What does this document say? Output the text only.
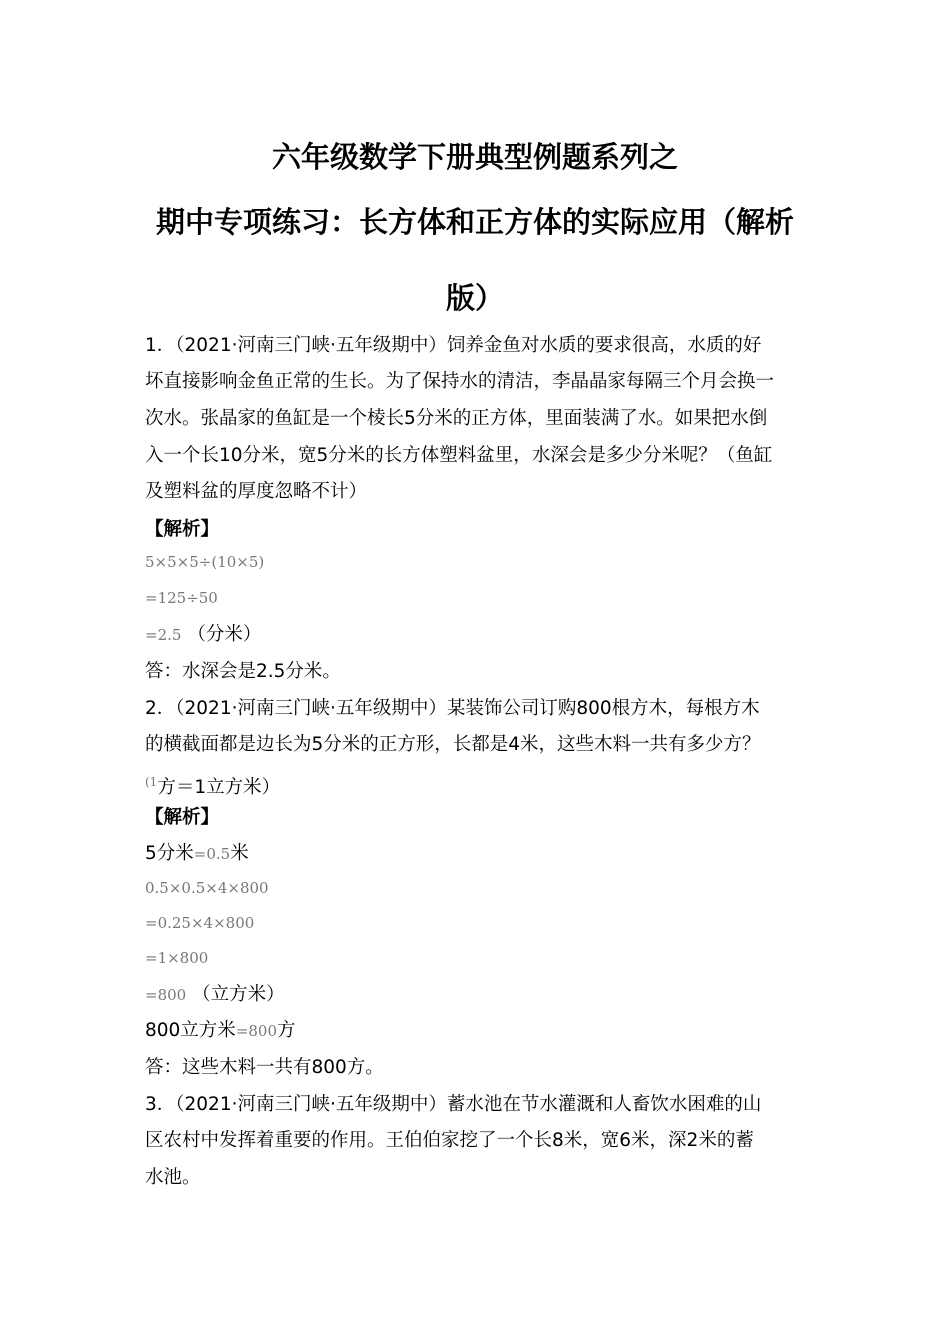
六年级数学下册典型例题系列之
期中专项练习：长方体和正方体的实际应用（解析
版）
1．（2021·河南三门峡·五年级期中）饲养金鱼对水质的要求很高，水质的好
坏直接影响金鱼正常的生长。为了保持水的清洁，李晶晶家每隔三个月会换一
次水。张晶家的鱼缸是一个棱长5分米的正方体，里面装满了水。如果把水倒
入一个长10分米，宽5分米的长方体塑料盆里，水深会是多少分米呢？（鱼缸
及塑料盆的厚度忽略不计）
【解析】
5×5×5÷(10×5)
=125÷50
=2.5 （分米）
答：水深会是2.5分米。
2．（2021·河南三门峡·五年级期中）某装饰公司订购800根方木，每根方木
的横截面都是边长为5分米的正方形，长都是4米，这些木料一共有多少方？
$^{(1}$方＝1立方米）
【解析】
5分米=0.5米
0.5×0.5×4×800
=0.25×4×800
=1×800
=800 （立方米）
800立方米=800方
答：这些木料一共有800方。
3．（2021·河南三门峡·五年级期中）蓄水池在节水灌溉和人畜饮水困难的山
区农村中发挥着重要的作用。王伯伯家挖了一个长8米，宽6米，深2米的蓄
水池。
